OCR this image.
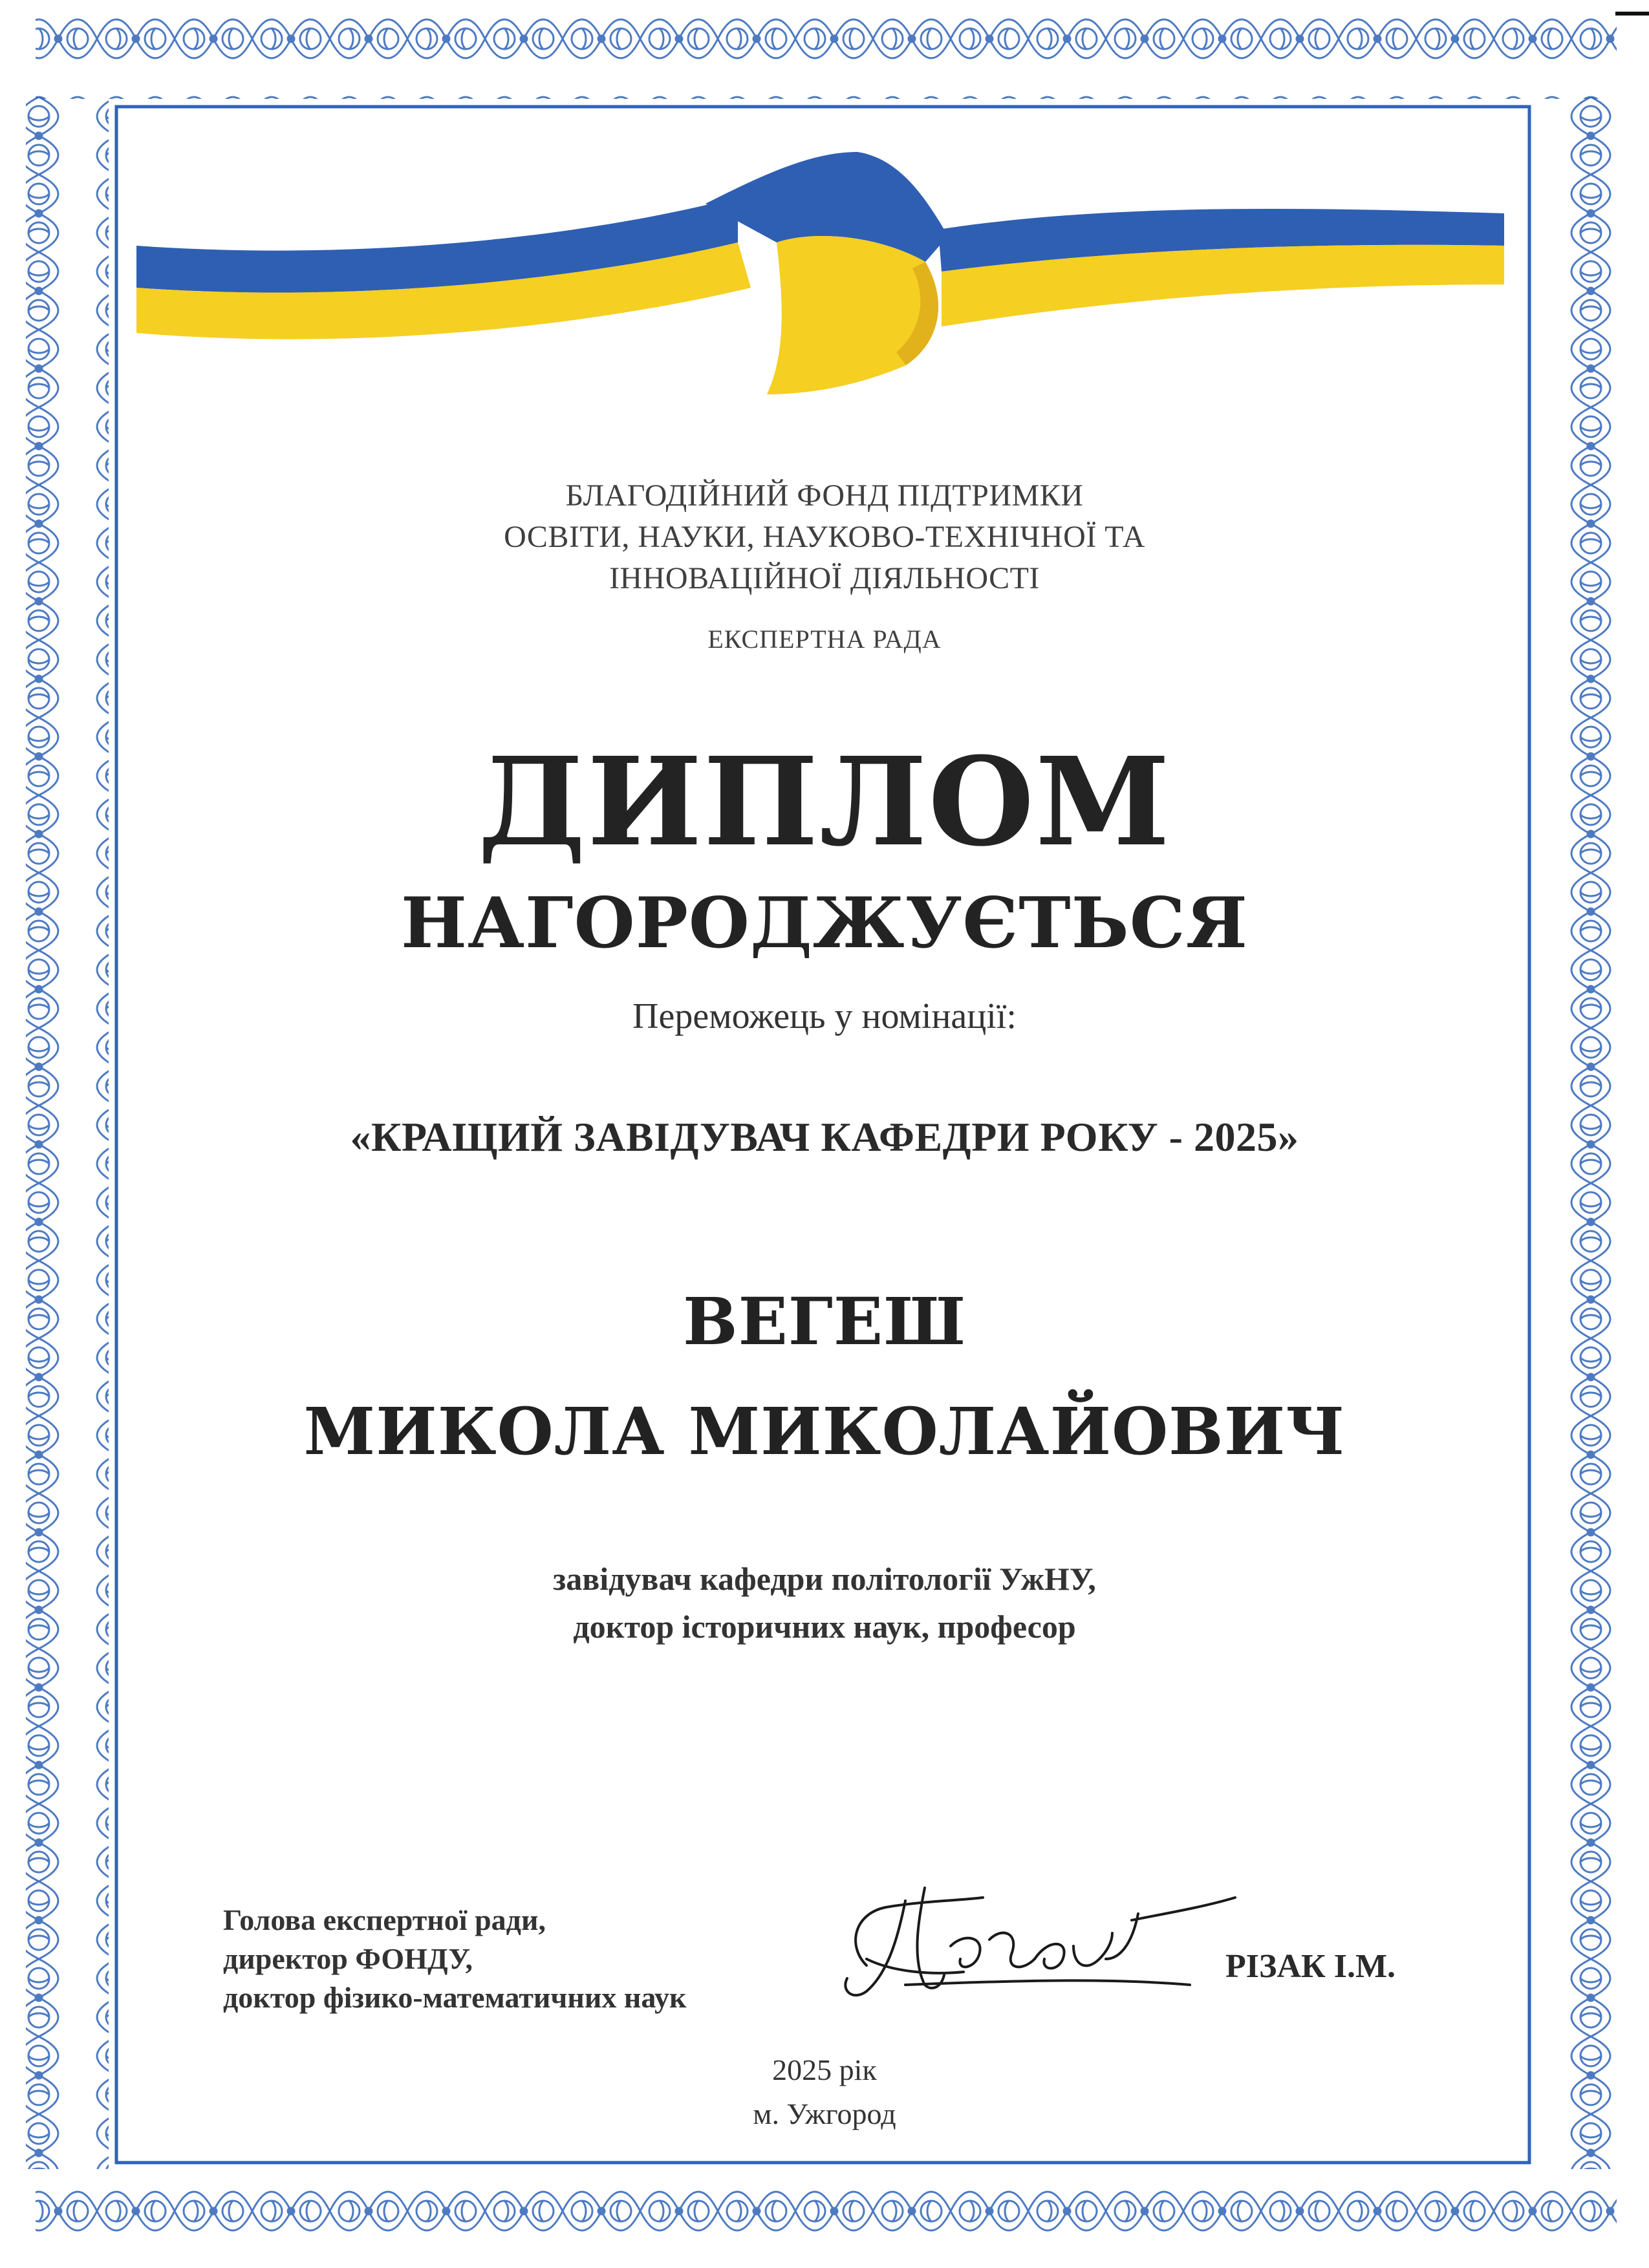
БЛАГОДІЙНИЙ ФОНД ПІДТРИМКИ
ОСВІТИ, НАУКИ, НАУКОВО-ТЕХНІЧНОЇ ТА
ІННОВАЦІЙНОЇ ДІЯЛЬНОСТІ
ЕКСПЕРТНА РАДА
ДИПЛОМ
НАГОРОДЖУЄТЬСЯ
Переможець у номінації:
«КРАЩИЙ ЗАВІДУВАЧ КАФЕДРИ РОКУ - 2025»
ВЕГЕШ
МИКОЛА МИКОЛАЙОВИЧ
завідувач кафедри політології УжНУ,
доктор історичних наук, професор
Голова експертної ради,
директор ФОНДУ,
доктор фізико-математичних наук
РІЗАК І.М.
2025 рік
м. Ужгород
